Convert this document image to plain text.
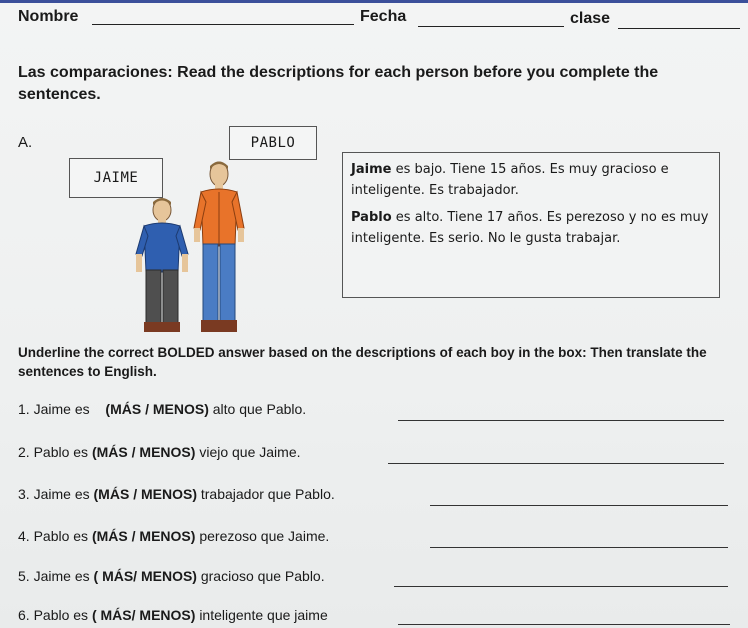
Nombre	Fecha	clase
Las comparaciones: Read the descriptions for each person before you complete the sentences.
A.	PABLO
JAIME

Jaime es bajo. Tiene 15 años. Es muy gracioso e inteligente. Es trabajador.

Pablo es alto. Tiene 17 años. Es perezoso y no es muy inteligente. Es serio. No le gusta trabajar.

Underline the correct BOLDED answer based on the descriptions of each boy in the box: Then translate the sentences to English.
1. Jaime es (MÁS / MENOS) alto que Pablo.
2. Pablo es (MÁS / MENOS) viejo que Jaime.
3. Jaime es (MÁS / MENOS) trabajador que Pablo.
4. Pablo es (MÁS / MENOS) perezoso que Jaime.
5. Jaime es ( MÁS/ MENOS) gracioso que Pablo.
6. Pablo es ( MÁS/ MENOS) inteligente que jaime
